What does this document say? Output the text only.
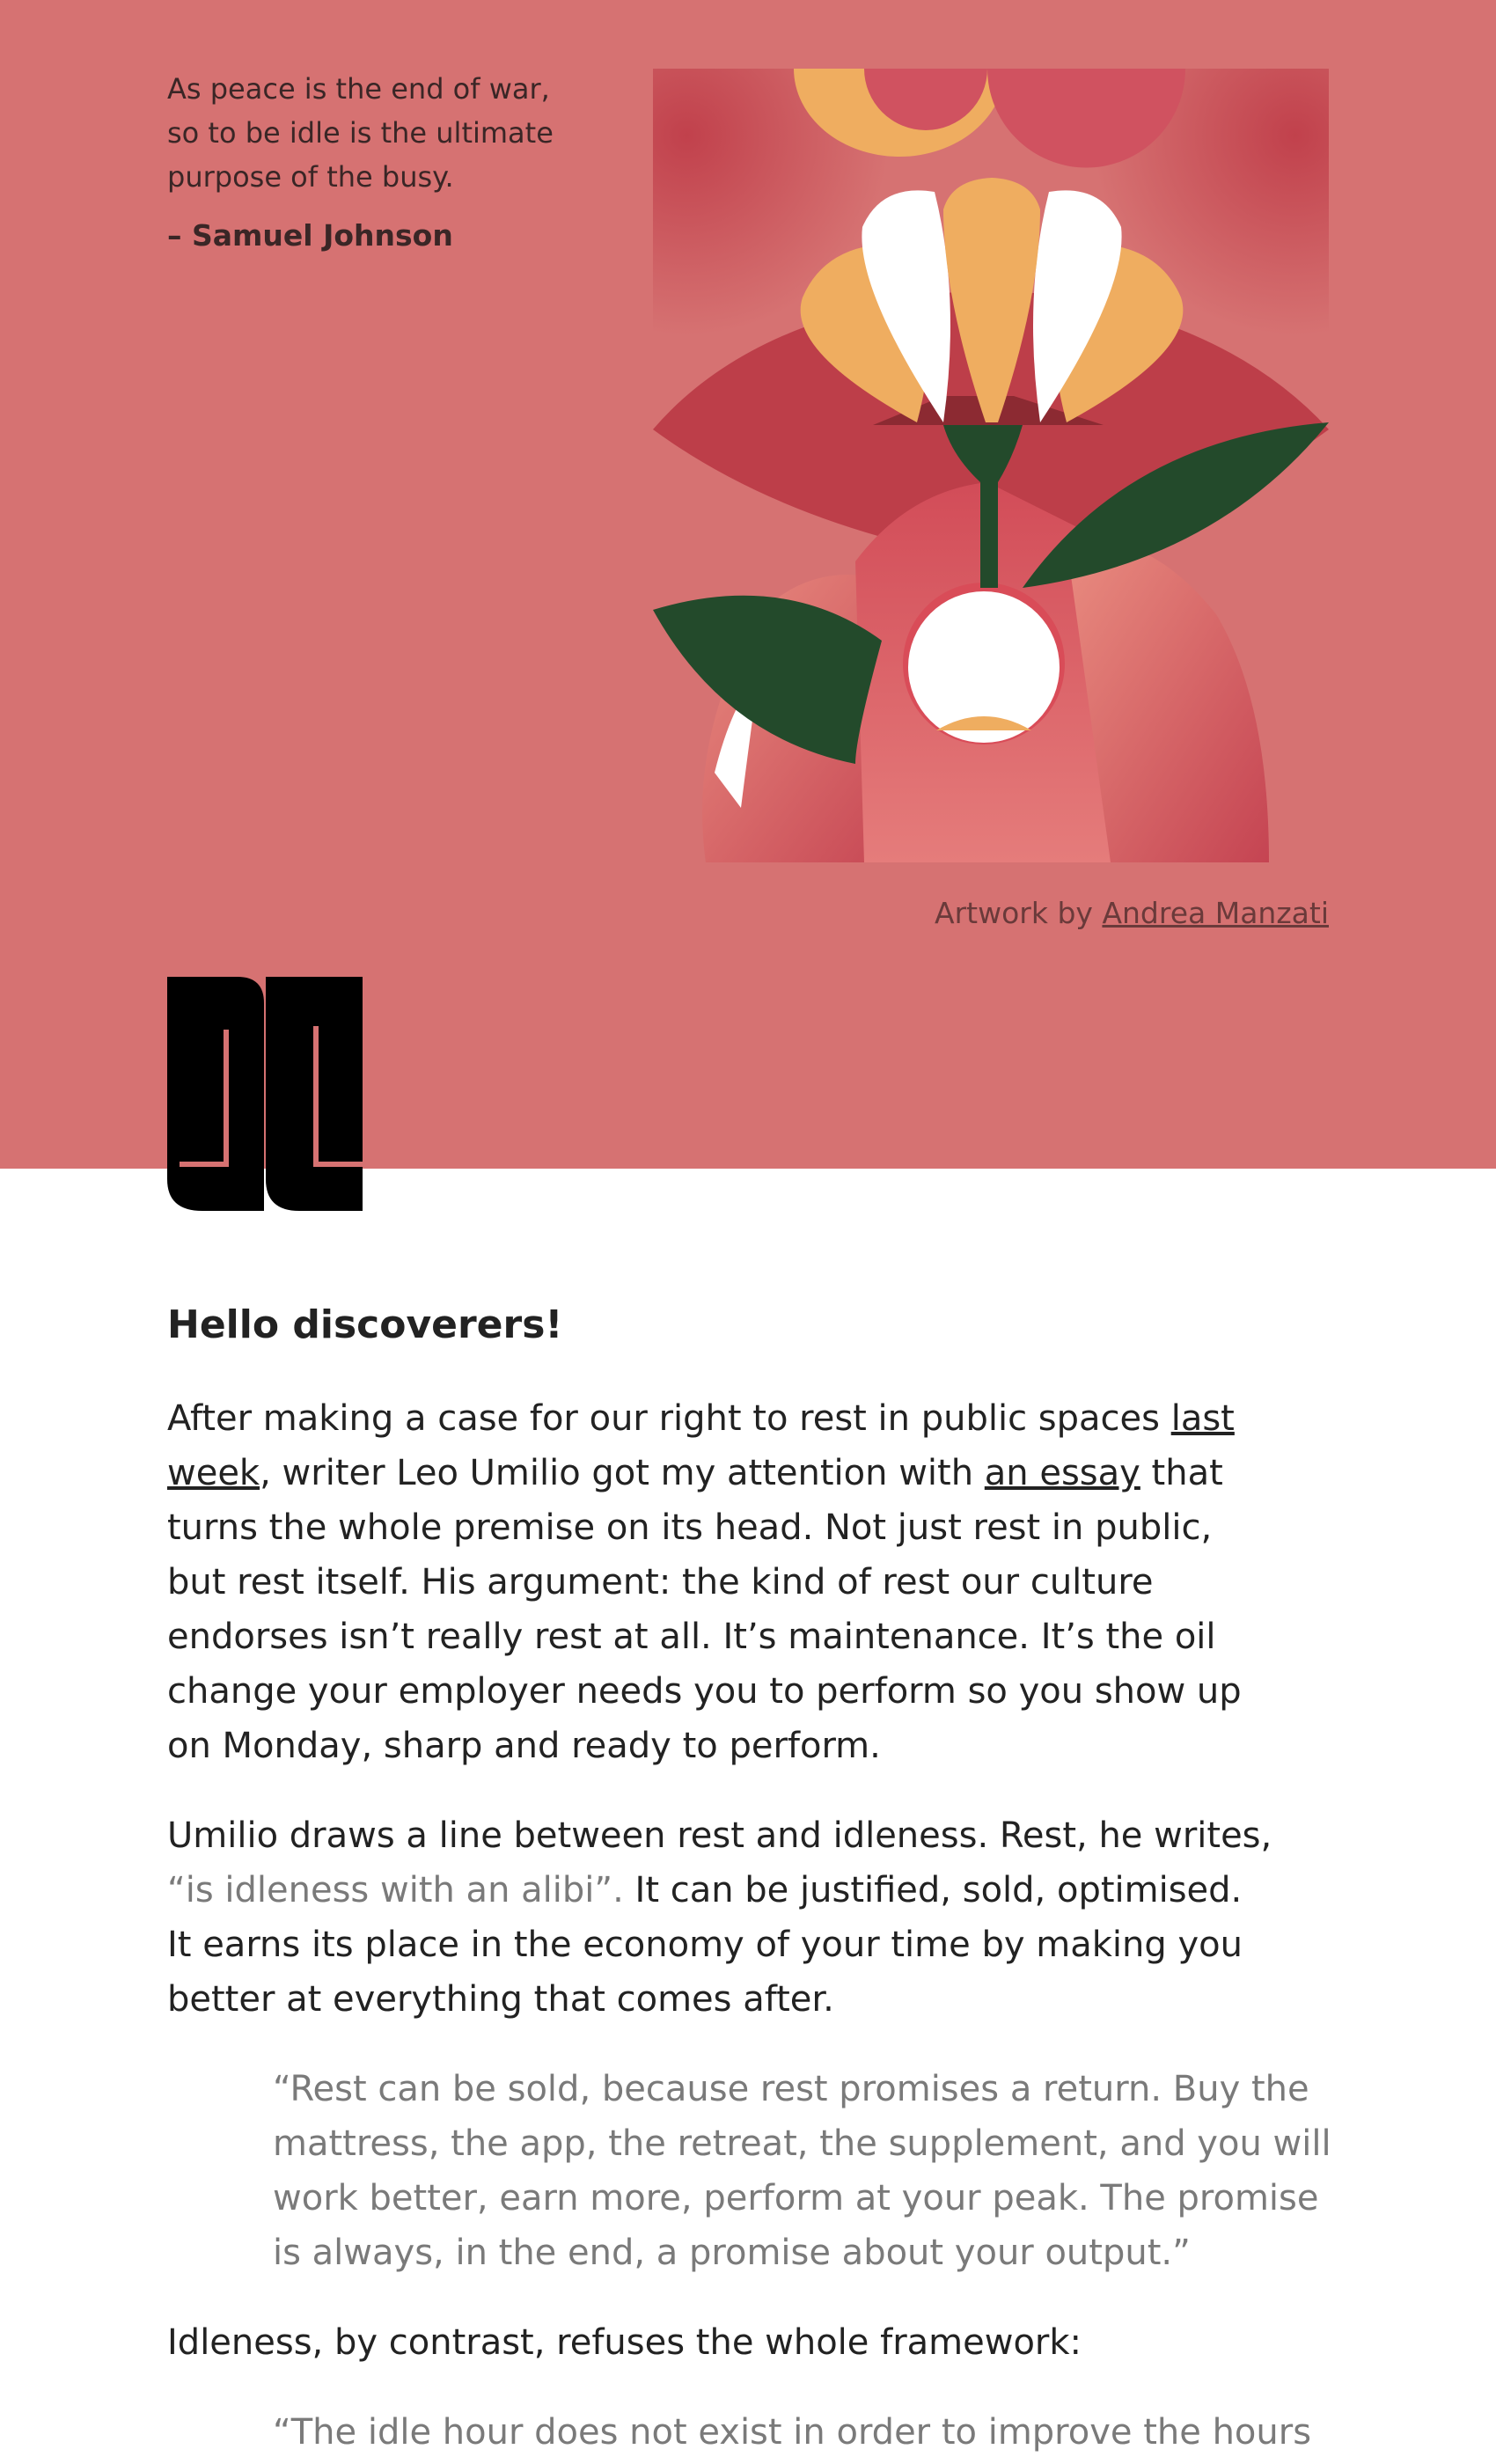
As peace is the end of war, so to be idle is the ultimate purpose of the busy.

– Samuel Johnson

Artwork by Andrea Manzati

Hello discoverers!

After making a case for our right to rest in public spaces last week, writer Leo Umilio got my attention with an essay that turns the whole premise on its head. Not just rest in public, but rest itself. His argument: the kind of rest our culture endorses isn’t really rest at all. It’s maintenance. It’s the oil change your employer needs you to perform so you show up on Monday, sharp and ready to perform.

Umilio draws a line between rest and idleness. Rest, he writes, “is idleness with an alibi”. It can be justified, sold, optimised. It earns its place in the economy of your time by making you better at everything that comes after.

“Rest can be sold, because rest promises a return. Buy the mattress, the app, the retreat, the supplement, and you will work better, earn more, perform at your peak. The promise is always, in the end, a promise about your output.”

Idleness, by contrast, refuses the whole framework:

“The idle hour does not exist in order to improve the hours
